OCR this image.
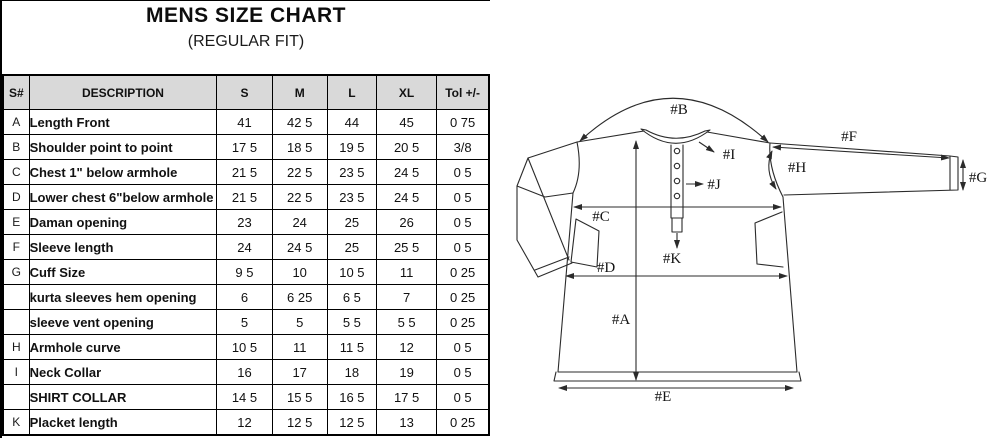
MENS SIZE CHART
(REGULAR FIT)
S#	DESCRIPTION	S	M	L	XL	Tol +/-
A	Length Front	41	42 5	44	45	0 75
B	Shoulder point to point	17 5	18 5	19 5	20 5	3/8
C	Chest 1" below armhole	21 5	22 5	23 5	24 5	0 5
D	Lower chest 6"below armhole	21 5	22 5	23 5	24 5	0 5
E	Daman opening	23	24	25	26	0 5
F	Sleeve length	24	24 5	25	25 5	0 5
G	Cuff Size	9 5	10	10 5	11	0 25
	kurta sleeves hem opening	6	6 25	6 5	7	0 25
	sleeve vent opening	5	5	5 5	5 5	0 25
H	Armhole curve	10 5	11	11 5	12	0 5
I	Neck Collar	16	17	18	19	0 5
	SHIRT COLLAR	14 5	15 5	16 5	17 5	0 5
K	Placket length	12	12 5	12 5	13	0 25
#A
#B
#C
#D
#E
#F
#G
#H
#I
#J
#K
